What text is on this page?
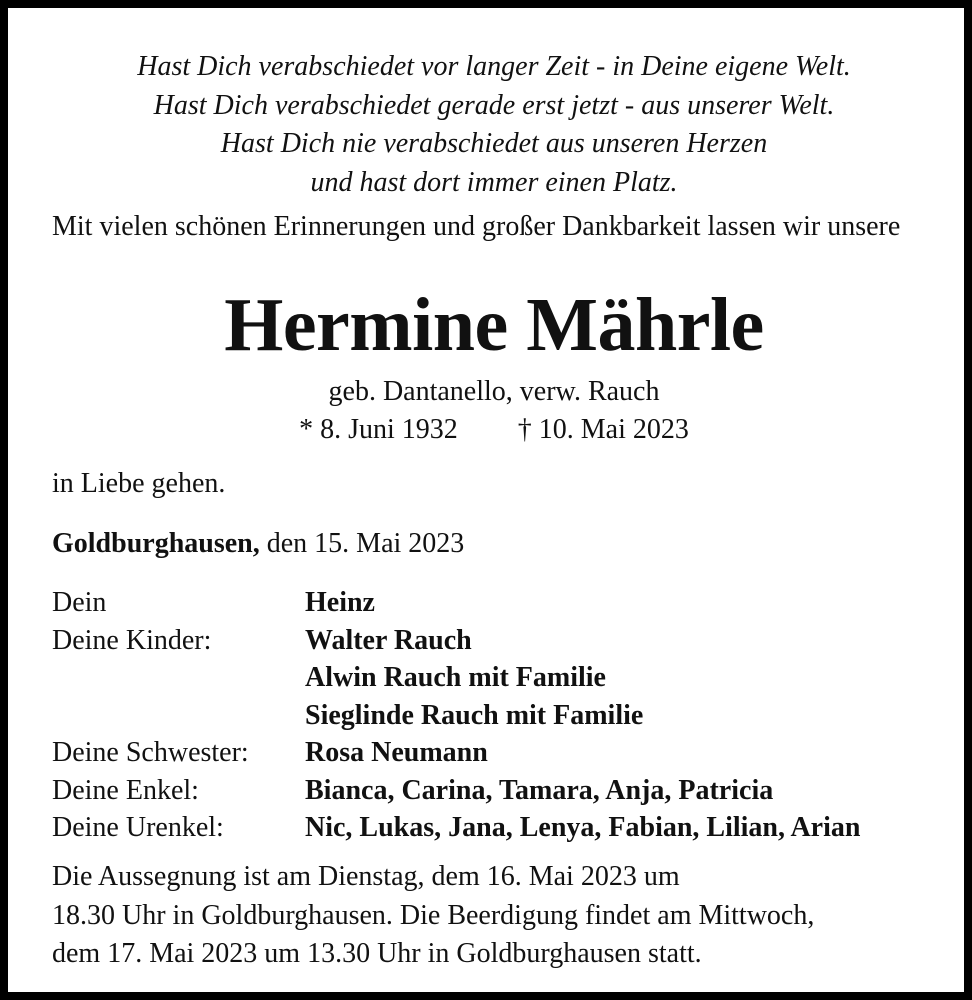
Hast Dich verabschiedet vor langer Zeit - in Deine eigene Welt.
Hast Dich verabschiedet gerade erst jetzt - aus unserer Welt.
Hast Dich nie verabschiedet aus unseren Herzen
und hast dort immer einen Platz.
Mit vielen schönen Erinnerungen und großer Dankbarkeit lassen wir unsere
Hermine Mährle
geb. Dantanello, verw. Rauch
* 8. Juni 1932 † 10. Mai 2023
in Liebe gehen.
Goldburghausen, den 15. Mai 2023
Dein	Heinz
Deine Kinder:	Walter Rauch
Alwin Rauch mit Familie
Sieglinde Rauch mit Familie
Deine Schwester: Rosa Neumann
Deine Enkel:	Bianca, Carina, Tamara, Anja, Patricia
Deine Urenkel:	Nic, Lukas, Jana, Lenya, Fabian, Lilian, Arian
Die Aussegnung ist am Dienstag, dem 16. Mai 2023 um
18.30 Uhr in Goldburghausen. Die Beerdigung findet am Mittwoch,
dem 17. Mai 2023 um 13.30 Uhr in Goldburghausen statt.
